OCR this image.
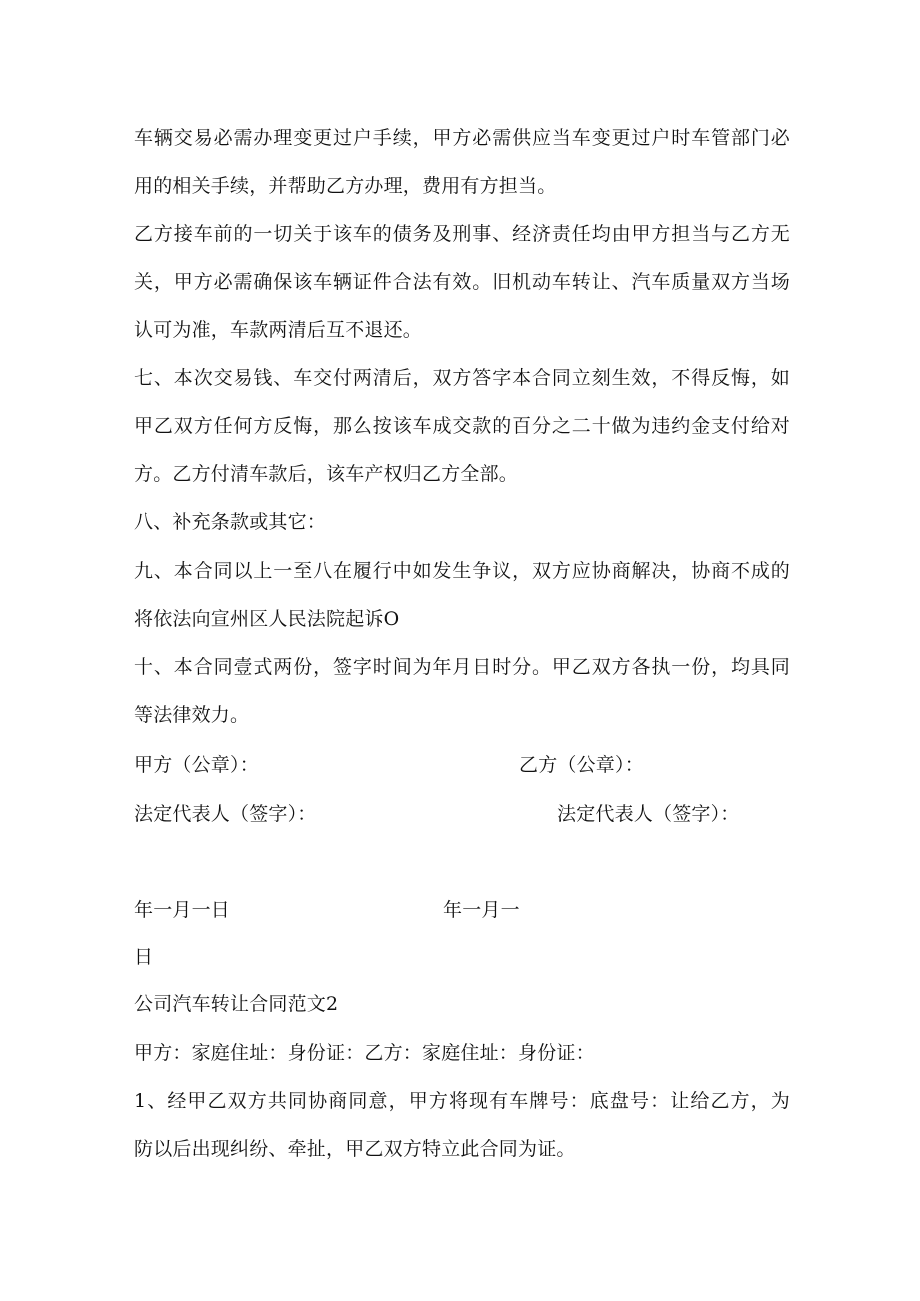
车辆交易必需办理变更过户手续，甲方必需供应当车变更过户时车管部门必
用的相关手续，并帮助乙方办理，费用有方担当。
乙方接车前的一切关于该车的债务及刑事、经济责任均由甲方担当与乙方无
关，甲方必需确保该车辆证件合法有效。旧机动车转让、汽车质量双方当场
认可为准，车款两清后互不退还。
七、本次交易钱、车交付两清后，双方答字本合同立刻生效，不得反悔，如
甲乙双方任何方反悔，那么按该车成交款的百分之二十做为违约金支付给对
方。乙方付清车款后，该车产权归乙方全部。
八、补充条款或其它：
九、本合同以上一至八在履行中如发生争议，双方应协商解决，协商不成的
将依法向宣州区人民法院起诉O
十、本合同壹式两份，签字时间为年月日时分。甲乙双方各执一份，均具同
等法律效力。
甲方（公章）：	乙方（公章）：
法定代表人（签字）：	法定代表人（签字）：
年一月一日	年一月一
日
公司汽车转让合同范文2
甲方：家庭住址：身份证：乙方：家庭住址：身份证：
1、经甲乙双方共同协商同意，甲方将现有车牌号：底盘号：让给乙方，为
防以后出现纠纷、牵扯，甲乙双方特立此合同为证。
